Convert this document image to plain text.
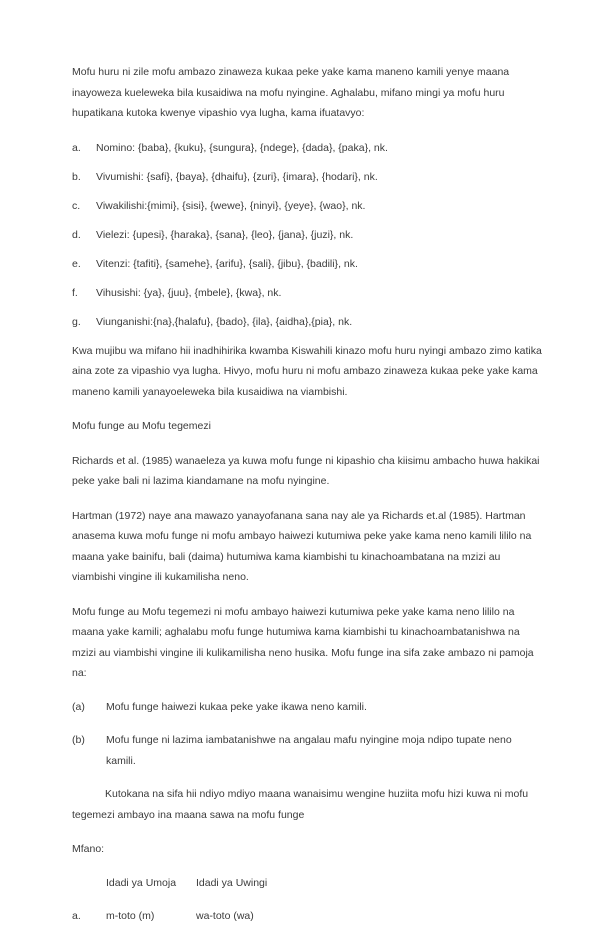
Mofu huru ni zile mofu ambazo zinaweza kukaa peke yake kama maneno kamili yenye maana inayoweza kueleweka bila kusaidiwa na mofu nyingine. Aghalabu, mifano mingi ya mofu huru hupatikana kutoka kwenye vipashio vya lugha, kama ifuatavyo:

a.	Nomino: {baba}, {kuku}, {sungura}, {ndege}, {dada}, {paka}, nk.
b.	Vivumishi: {safi}, {baya}, {dhaifu}, {zuri}, {imara}, {hodari}, nk.
c.	Viwakilishi:{mimi}, {sisi}, {wewe}, {ninyi}, {yeye}, {wao}, nk.
d.	Vielezi: {upesi}, {haraka}, {sana}, {leo}, {jana}, {juzi}, nk.
e.	Vitenzi: {tafiti}, {samehe}, {arifu}, {sali}, {jibu}, {badili}, nk.
f.	Vihusishi: {ya}, {juu}, {mbele}, {kwa}, nk.
g.	Viunganishi:{na},{halafu}, {bado}, {ila}, {aidha},{pia}, nk.

Kwa mujibu wa mifano hii inadhihirika kwamba Kiswahili kinazo mofu huru nyingi ambazo zimo katika aina zote za vipashio vya lugha. Hivyo, mofu huru ni mofu ambazo zinaweza kukaa peke yake kama maneno kamili yanayoeleweka bila kusaidiwa na viambishi.

Mofu funge au Mofu tegemezi

Richards et al. (1985) wanaeleza ya kuwa mofu funge ni kipashio cha kiisimu ambacho huwa hakikai peke yake bali ni lazima kiandamane na mofu nyingine.

Hartman (1972) naye ana mawazo yanayofanana sana nay ale ya Richards et.al (1985). Hartman anasema kuwa mofu funge ni mofu ambayo haiwezi kutumiwa peke yake kama neno kamili lililo na maana yake bainifu, bali (daima) hutumiwa kama kiambishi tu kinachoambatana na mzizi au viambishi vingine ili kukamilisha neno.

Mofu funge au Mofu tegemezi ni mofu ambayo haiwezi kutumiwa peke yake kama neno lililo na maana yake kamili; aghalabu mofu funge hutumiwa kama kiambishi tu kinachoambatanishwa na mzizi au viambishi vingine ili kulikamilisha neno husika. Mofu funge ina sifa zake ambazo ni pamoja na:

(a)	Mofu funge haiwezi kukaa peke yake ikawa neno kamili.
(b)	Mofu funge ni lazima iambatanishwe na angalau mafu nyingine moja ndipo tupate neno kamili.

Kutokana na sifa hii ndiyo mdiyo maana wanaisimu wengine huziita mofu hizi kuwa ni mofu tegemezi ambayo ina maana sawa na mofu funge

Mfano:

	Idadi ya Umoja	Idadi ya Uwingi
a.	m-toto (m)	wa-toto (wa)
